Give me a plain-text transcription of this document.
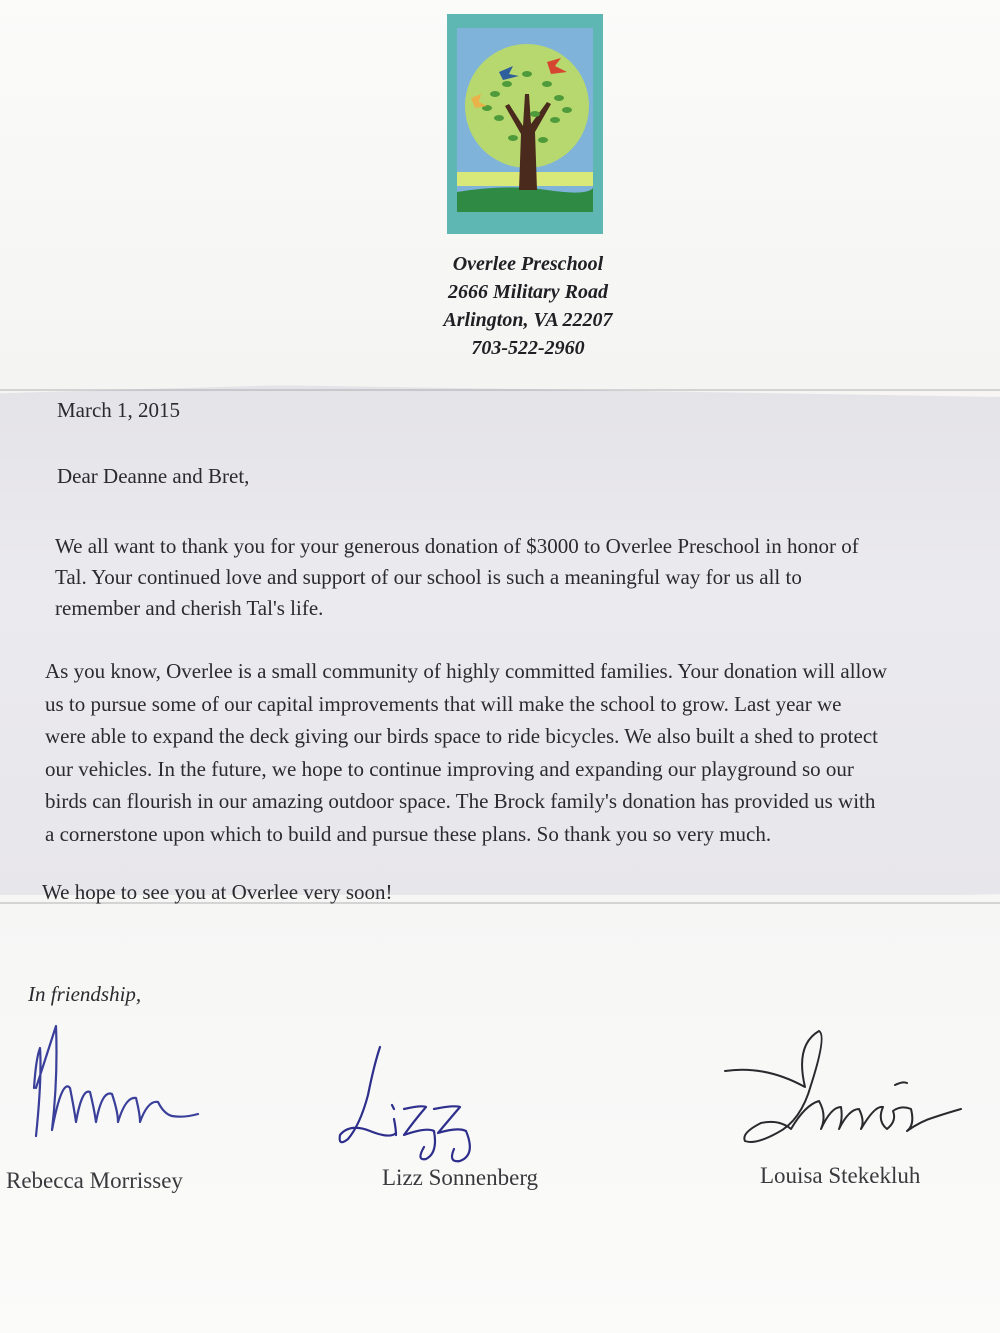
Overlee Preschool
2666 Military Road
Arlington, VA 22207
703-522-2960
March 1, 2015
Dear Deanne and Bret,
We all want to thank you for your generous donation of $3000 to Overlee Preschool in honor of
Tal. Your continued love and support of our school is such a meaningful way for us all to
remember and cherish Tal's life.
As you know, Overlee is a small community of highly committed families. Your donation will allow
us to pursue some of our capital improvements that will make the school to grow. Last year we
were able to expand the deck giving our birds space to ride bicycles. We also built a shed to protect
our vehicles. In the future, we hope to continue improving and expanding our playground so our
birds can flourish in our amazing outdoor space. The Brock family's donation has provided us with
a cornerstone upon which to build and pursue these plans. So thank you so very much.
We hope to see you at Overlee very soon!
In friendship,
Rebecca Morrissey	Lizz Sonnenberg	Louisa Stekekluh
